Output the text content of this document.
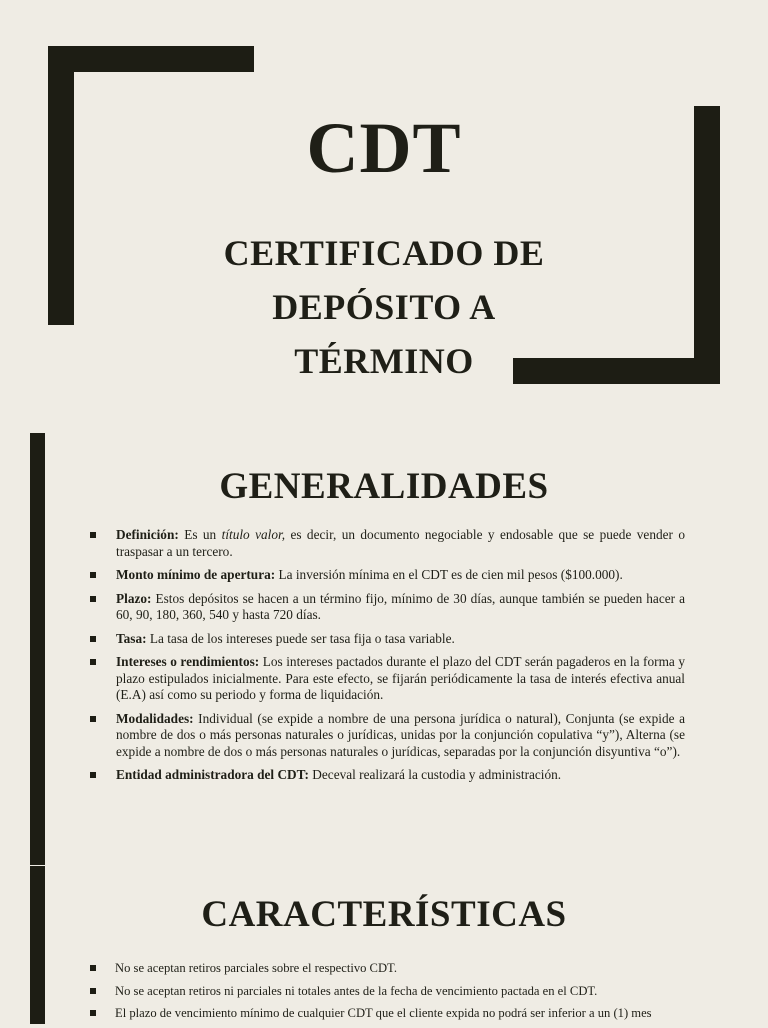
CDT
CERTIFICADO DE DEPÓSITO A TÉRMINO
GENERALIDADES
Definición: Es un título valor, es decir, un documento negociable y endosable que se puede vender o traspasar a un tercero.
Monto mínimo de apertura: La inversión mínima en el CDT es de cien mil pesos ($100.000).
Plazo: Estos depósitos se hacen a un término fijo, mínimo de 30 días, aunque también se pueden hacer a 60, 90, 180, 360, 540 y hasta 720 días.
Tasa: La tasa de los intereses puede ser tasa fija o tasa variable.
Intereses o rendimientos: Los intereses pactados durante el plazo del CDT serán pagaderos en la forma y plazo estipulados inicialmente. Para este efecto, se fijarán periódicamente la tasa de interés efectiva anual (E.A) así como su periodo y forma de liquidación.
Modalidades: Individual (se expide a nombre de una persona jurídica o natural), Conjunta (se expide a nombre de dos o más personas naturales o jurídicas, unidas por la conjunción copulativa “y”), Alterna (se expide a nombre de dos o más personas naturales o jurídicas, separadas por la conjunción disyuntiva “o”).
Entidad administradora del CDT: Deceval realizará la custodia y administración.
CARACTERÍSTICAS
No se aceptan retiros parciales sobre el respectivo CDT.
No se aceptan retiros ni parciales ni totales antes de la fecha de vencimiento pactada en el CDT.
El plazo de vencimiento mínimo de cualquier CDT que el cliente expida no podrá ser inferior a un (1) mes
